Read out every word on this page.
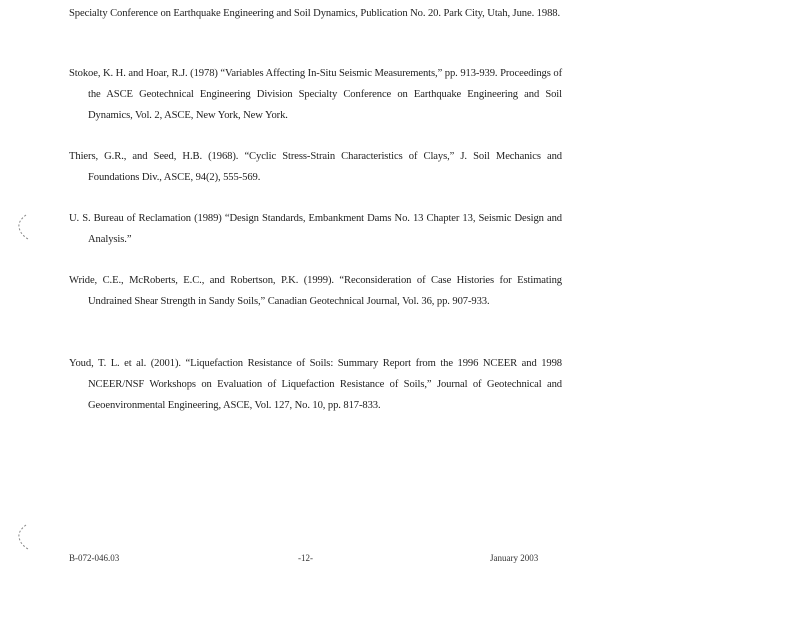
Specialty Conference on Earthquake Engineering and Soil Dynamics, Publication No. 20. Park City, Utah, June. 1988.

Stokoe, K. H. and Hoar, R.J. (1978) “Variables Affecting In-Situ Seismic Measurements,” pp. 913-939. Proceedings of the ASCE Geotechnical Engineering Division Specialty Conference on Earthquake Engineering and Soil Dynamics, Vol. 2, ASCE, New York, New York.

Thiers, G.R., and Seed, H.B. (1968). “Cyclic Stress-Strain Characteristics of Clays,” J. Soil Mechanics and Foundations Div., ASCE, 94(2), 555-569.

U. S. Bureau of Reclamation (1989) “Design Standards, Embankment Dams No. 13 Chapter 13, Seismic Design and Analysis.”

Wride, C.E., McRoberts, E.C., and Robertson, P.K. (1999). “Reconsideration of Case Histories for Estimating Undrained Shear Strength in Sandy Soils,” Canadian Geotechnical Journal, Vol. 36, pp. 907-933.

Youd, T. L. et al. (2001). “Liquefaction Resistance of Soils: Summary Report from the 1996 NCEER and 1998 NCEER/NSF Workshops on Evaluation of Liquefaction Resistance of Soils,” Journal of Geotechnical and Geoenvironmental Engineering, ASCE, Vol. 127, No. 10, pp. 817-833.

B-072-046.03	-12-	January 2003
